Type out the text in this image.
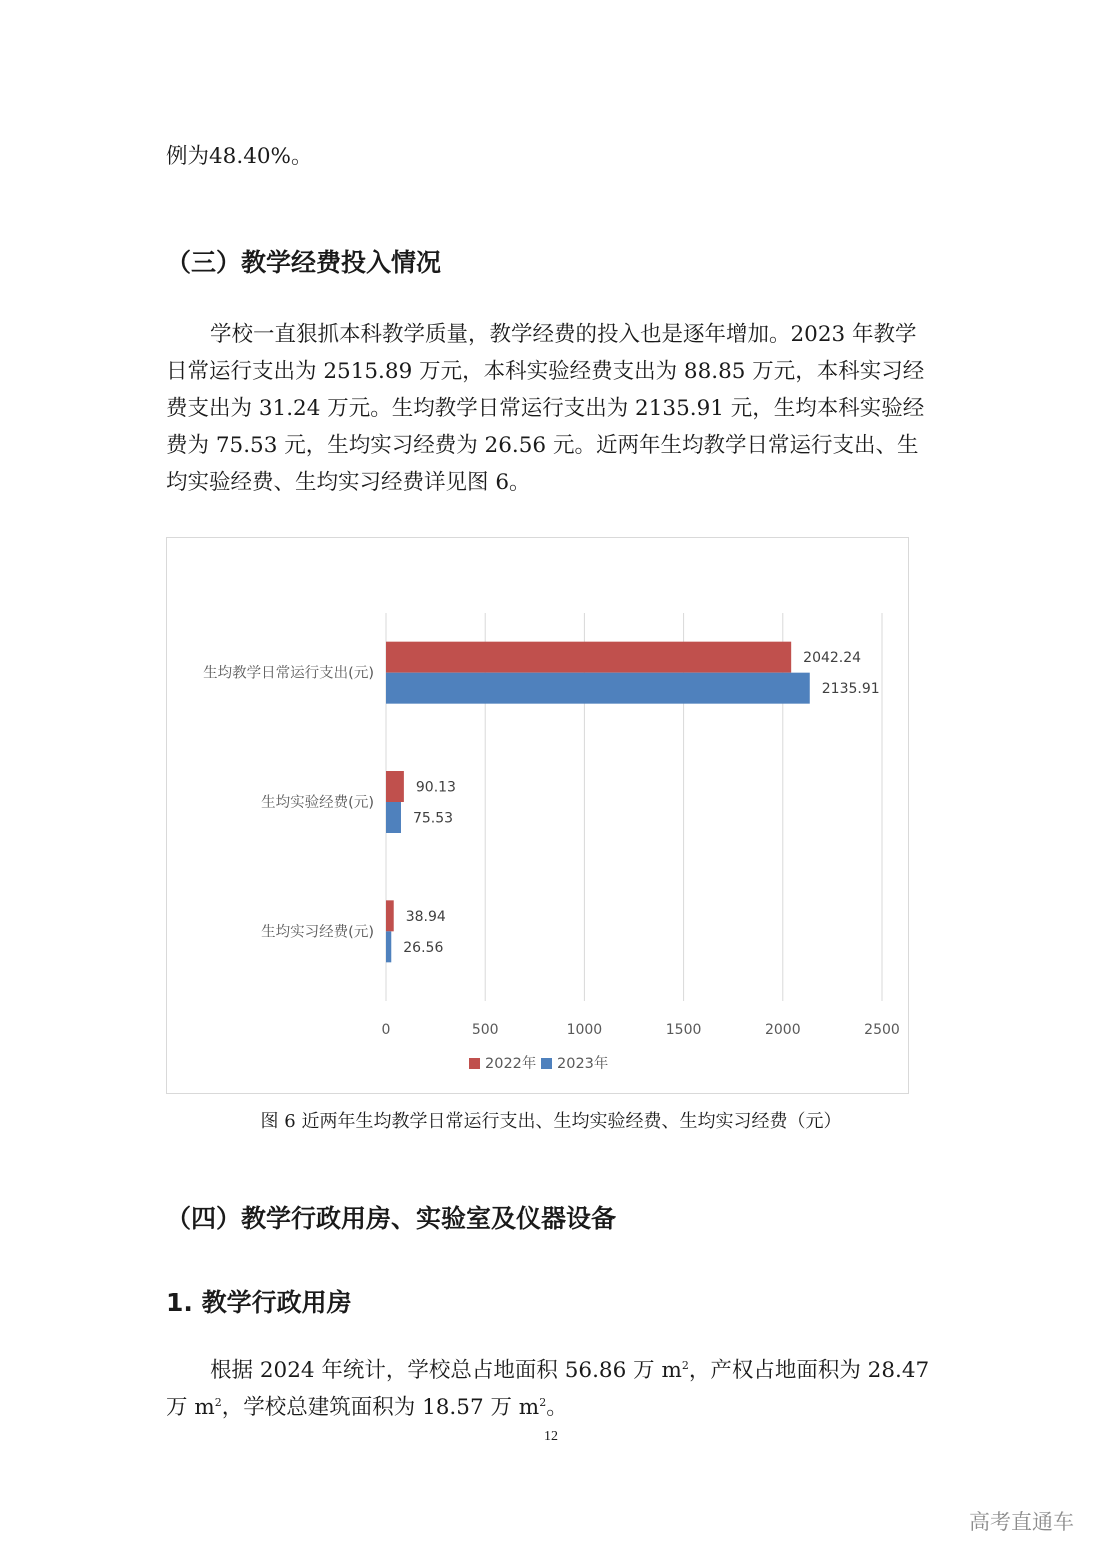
例为48.40%。
（三）教学经费投入情况
学校一直狠抓本科教学质量，教学经费的投入也是逐年增加。2023 年教学日常运行支出为 2515.89 万元，本科实验经费支出为 88.85 万元，本科实习经费支出为 31.24 万元。生均教学日常运行支出为 2135.91 元，生均本科实验经费为 75.53 元，生均实习经费为 26.56 元。近两年生均教学日常运行支出、生均实验经费、生均实习经费详见图 6。
0	500	1000	1500	2000	2500
生均教学日常运行支出(元)
2042.24
2135.91
生均实验经费(元)
90.13
75.53
生均实习经费(元)
38.94
26.56
2022年 2023年
图 6 近两年生均教学日常运行支出、生均实验经费、生均实习经费（元）
（四）教学行政用房、实验室及仪器设备
1. 教学行政用房
根据 2024 年统计，学校总占地面积 56.86 万 $m^2$，产权占地面积为 28.47 万 $m^2$，学校总建筑面积为 18.57 万 $m^2$。
12
高考直通车
